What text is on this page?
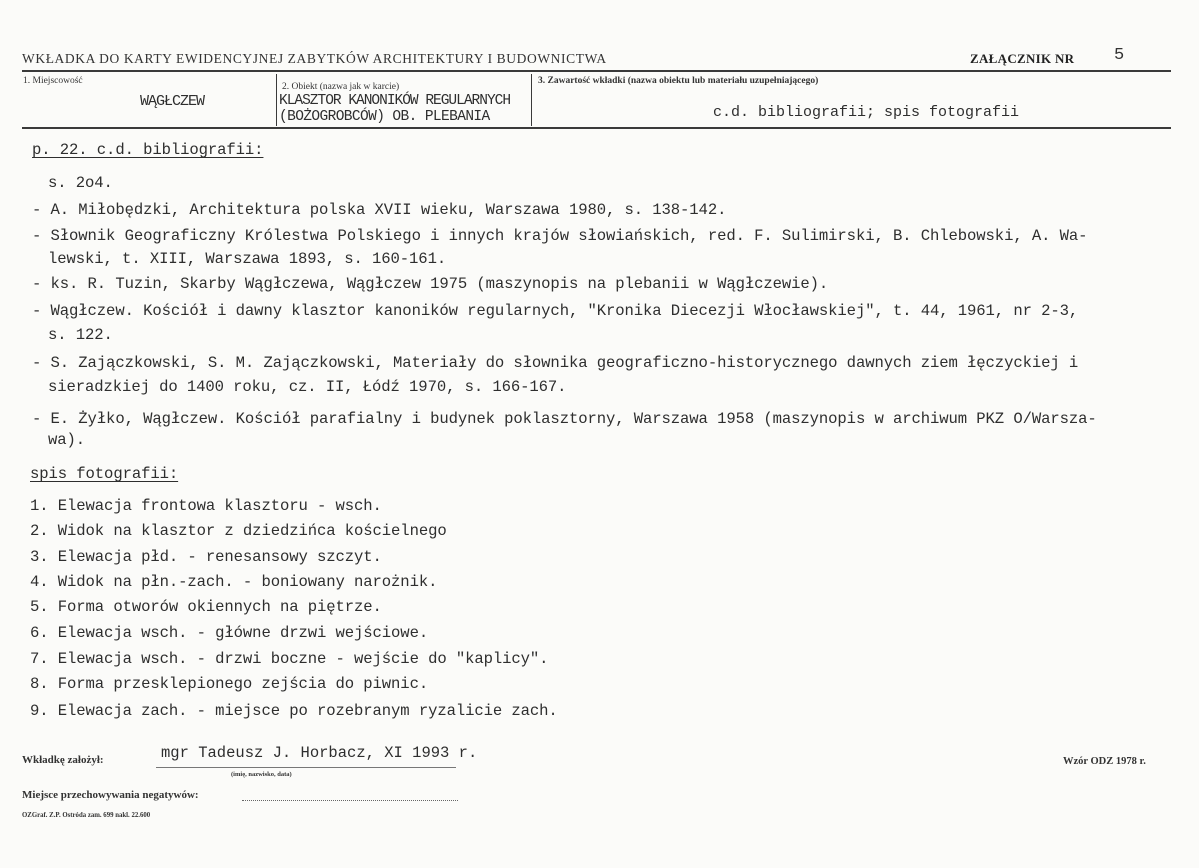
WKŁADKA DO KARTY EWIDENCYJNEJ ZABYTKÓW ARCHITEKTURY I BUDOWNICTWA	ZAŁĄCZNIK NR 5
1. Miejscowość
WĄGŁCZEW
2. Obiekt (nazwa jak w karcie)
KLASZTOR KANONIKÓW REGULARNYCH
(BOŻOGROBCÓW) OB. PLEBANIA
3. Zawartość wkładki (nazwa obiektu lub materiału uzupełniającego)
c.d. bibliografii; spis fotografii
p. 22. c.d. bibliografii:
s. 2o4.
- A. Miłobędzki, Architektura polska XVII wieku, Warszawa 1980, s. 138-142.
- Słownik Geograficzny Królestwa Polskiego i innych krajów słowiańskich, red. F. Sulimirski, B. Chlebowski, A. Wa-
lewski, t. XIII, Warszawa 1893, s. 160-161.
- ks. R. Tuzin, Skarby Wągłczewa, Wągłczew 1975 (maszynopis na plebanii w Wągłczewie).
- Wągłczew. Kościół i dawny klasztor kanoników regularnych, "Kronika Diecezji Włocławskiej", t. 44, 1961, nr 2-3,
s. 122.
- S. Zajączkowski, S. M. Zajączkowski, Materiały do słownika geograficzno-historycznego dawnych ziem łęczyckiej i
sieradzkiej do 1400 roku, cz. II, Łódź 1970, s. 166-167.
- E. Żyłko, Wągłczew. Kościół parafialny i budynek poklasztorny, Warszawa 1958 (maszynopis w archiwum PKZ O/Warsza-
wa).
spis fotografii:
1. Elewacja frontowa klasztoru - wsch.
2. Widok na klasztor z dziedzińca kościelnego
3. Elewacja płd. - renesansowy szczyt.
4. Widok na płn.-zach. - boniowany narożnik.
5. Forma otworów okiennych na piętrze.
6. Elewacja wsch. - główne drzwi wejściowe.
7. Elewacja wsch. - drzwi boczne - wejście do "kaplicy".
8. Forma przesklepionego zejścia do piwnic.
9. Elewacja zach. - miejsce po rozebranym ryzalicie zach.
Wkładkę założył:	mgr Tadeusz J. Horbacz, XI 1993 r.
(imię, nazwisko, data)
Wzór ODZ 1978 r.
Miejsce przechowywania negatywów:
OZGraf. Z.P. Ostróda zam. 699 nakl. 22.600
